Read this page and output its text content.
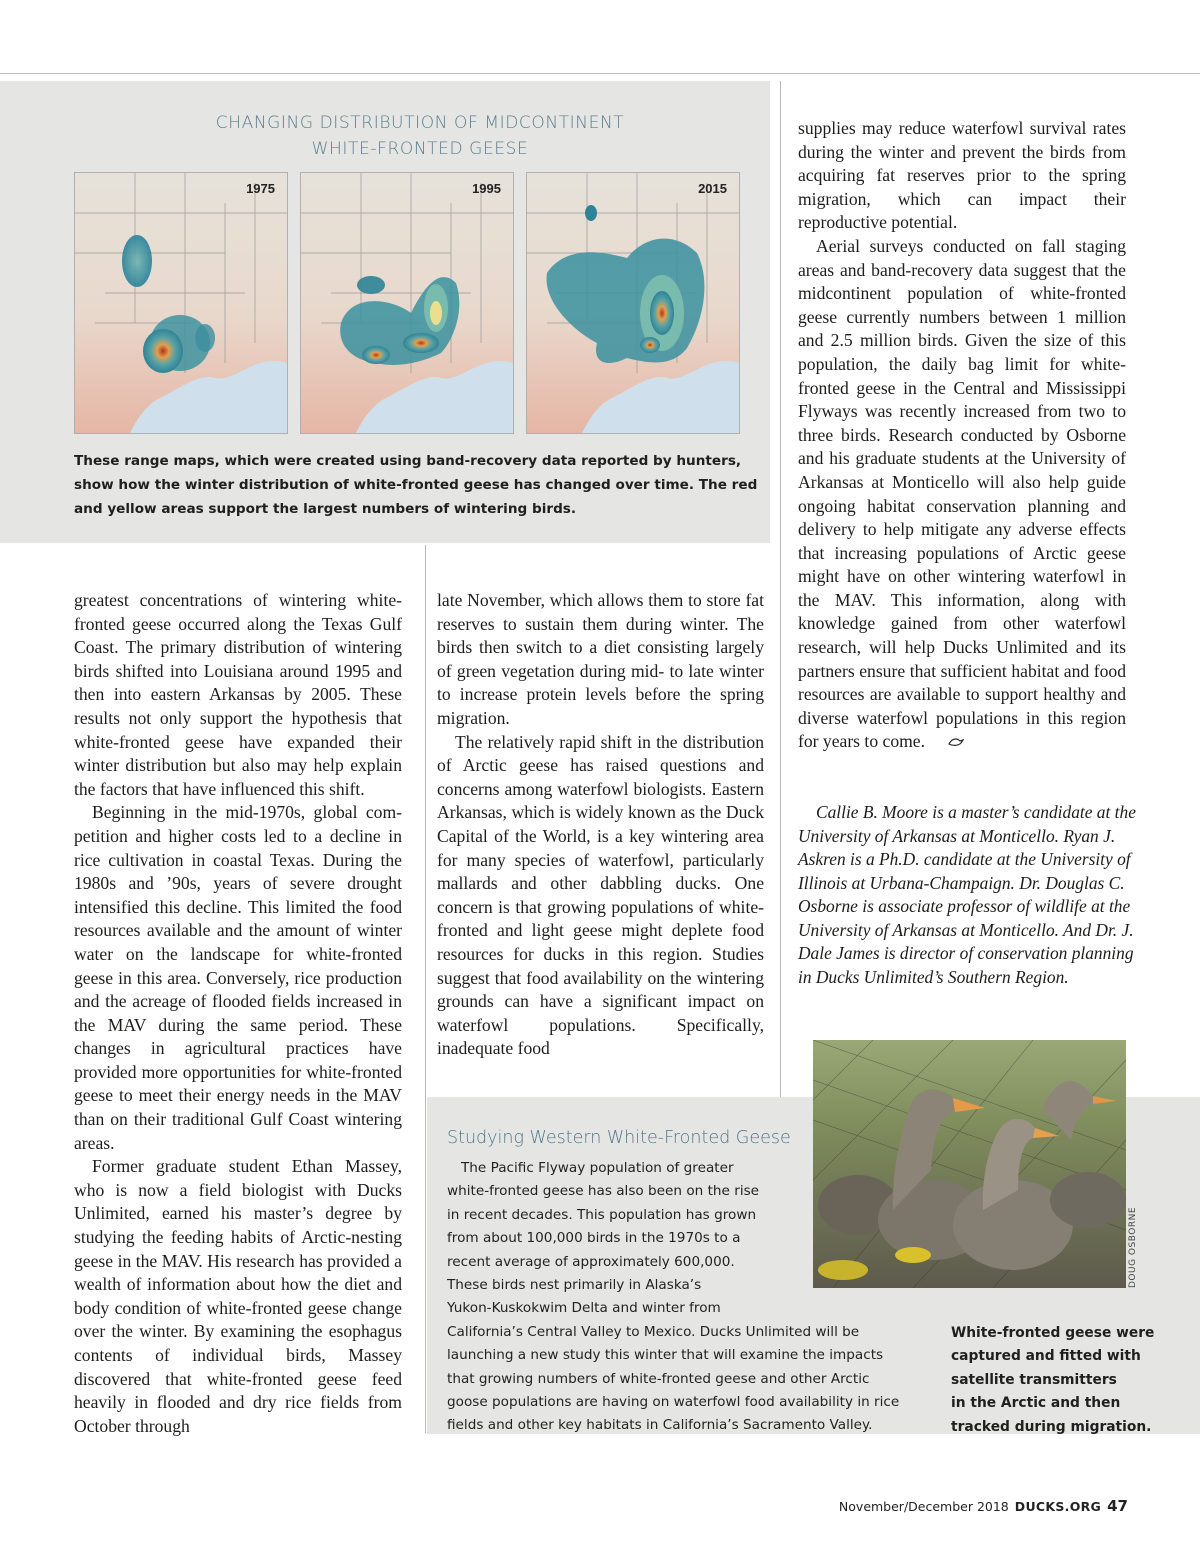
CHANGING DISTRIBUTION OF MIDCONTINENT
WHITE-FRONTED GEESE
1975	1995	2015
These range maps, which were created using band-recovery data reported by hunters, show how the winter distribution of white-fronted geese has changed over time. The red and yellow areas support the largest numbers of wintering birds.

greatest concentrations of wintering white-fronted geese occurred along the Texas Gulf Coast. The primary distribution of wintering birds shifted into Louisiana around 1995 and then into eastern Arkansas by 2005. These results not only support the hypothesis that white-fronted geese have expanded their winter distribution but also may help explain the factors that have influenced this shift.

Beginning in the mid-1970s, global competition and higher costs led to a decline in rice cultivation in coastal Texas. During the 1980s and ’90s, years of severe drought intensified this decline. This limited the food resources available and the amount of winter water on the landscape for white-fronted geese in this area. Conversely, rice production and the acreage of flooded fields increased in the MAV during the same period. These changes in agricultural practices have provided more opportunities for white-fronted geese to meet their energy needs in the MAV than on their traditional Gulf Coast wintering areas.

Former graduate student Ethan Massey, who is now a field biologist with Ducks Unlimited, earned his master’s degree by studying the feeding habits of Arctic-nesting geese in the MAV. His research has provided a wealth of information about how the diet and body condition of white-fronted geese change over the winter. By examining the esophagus contents of individual birds, Massey discovered that white-fronted geese feed heavily in flooded and dry rice fields from October through

late November, which allows them to store fat reserves to sustain them during winter. The birds then switch to a diet consisting largely of green vegetation during mid- to late winter to increase protein levels before the spring migration.

The relatively rapid shift in the distribution of Arctic geese has raised questions and concerns among waterfowl biologists. Eastern Arkansas, which is widely known as the Duck Capital of the World, is a key wintering area for many species of waterfowl, particularly mallards and other dabbling ducks. One concern is that growing populations of white-fronted and light geese might deplete food resources for ducks in this region. Studies suggest that food availability on the wintering grounds can have a significant impact on waterfowl populations. Specifically, inadequate food

supplies may reduce waterfowl survival rates during the winter and prevent the birds from acquiring fat reserves prior to the spring migration, which can impact their reproductive potential.

Aerial surveys conducted on fall staging areas and band-recovery data suggest that the midcontinent population of white-fronted geese currently numbers between 1 million and 2.5 million birds. Given the size of this population, the daily bag limit for white-fronted geese in the Central and Mississippi Flyways was recently increased from two to three birds. Research conducted by Osborne and his graduate students at the University of Arkansas at Monticello will also help guide ongoing habitat conservation planning and delivery to help mitigate any adverse effects that increasing populations of Arctic geese might have on other wintering waterfowl in the MAV. This information, along with knowledge gained from other waterfowl research, will help Ducks Unlimited and its partners ensure that sufficient habitat and food resources are available to support healthy and diverse waterfowl populations in this region for years to come.

Callie B. Moore is a master’s candidate at the University of Arkansas at Monticello. Ryan J. Askren is a Ph.D. candidate at the University of Illinois at Urbana-Champaign. Dr. Douglas C. Osborne is associate professor of wildlife at the University of Arkansas at Monticello. And Dr. J. Dale James is director of conservation planning in Ducks Unlimited’s Southern Region.
DOUG OSBORNE
Studying Western White-Fronted Geese
The Pacific Flyway population of greater
white-fronted geese has also been on the rise
in recent decades. This population has grown
from about 100,000 birds in the 1970s to a
recent average of approximately 600,000.
These birds nest primarily in Alaska’s
Yukon-Kuskokwim Delta and winter from
California’s Central Valley to Mexico. Ducks Unlimited will be
launching a new study this winter that will examine the impacts
that growing numbers of white-fronted geese and other Arctic
goose populations are having on waterfowl food availability in rice
fields and other key habitats in California’s Sacramento Valley.
White-fronted geese were
captured and fitted with
satellite transmitters
in the Arctic and then
tracked during migration.
November/December 2018 DUCKS.ORG 47
